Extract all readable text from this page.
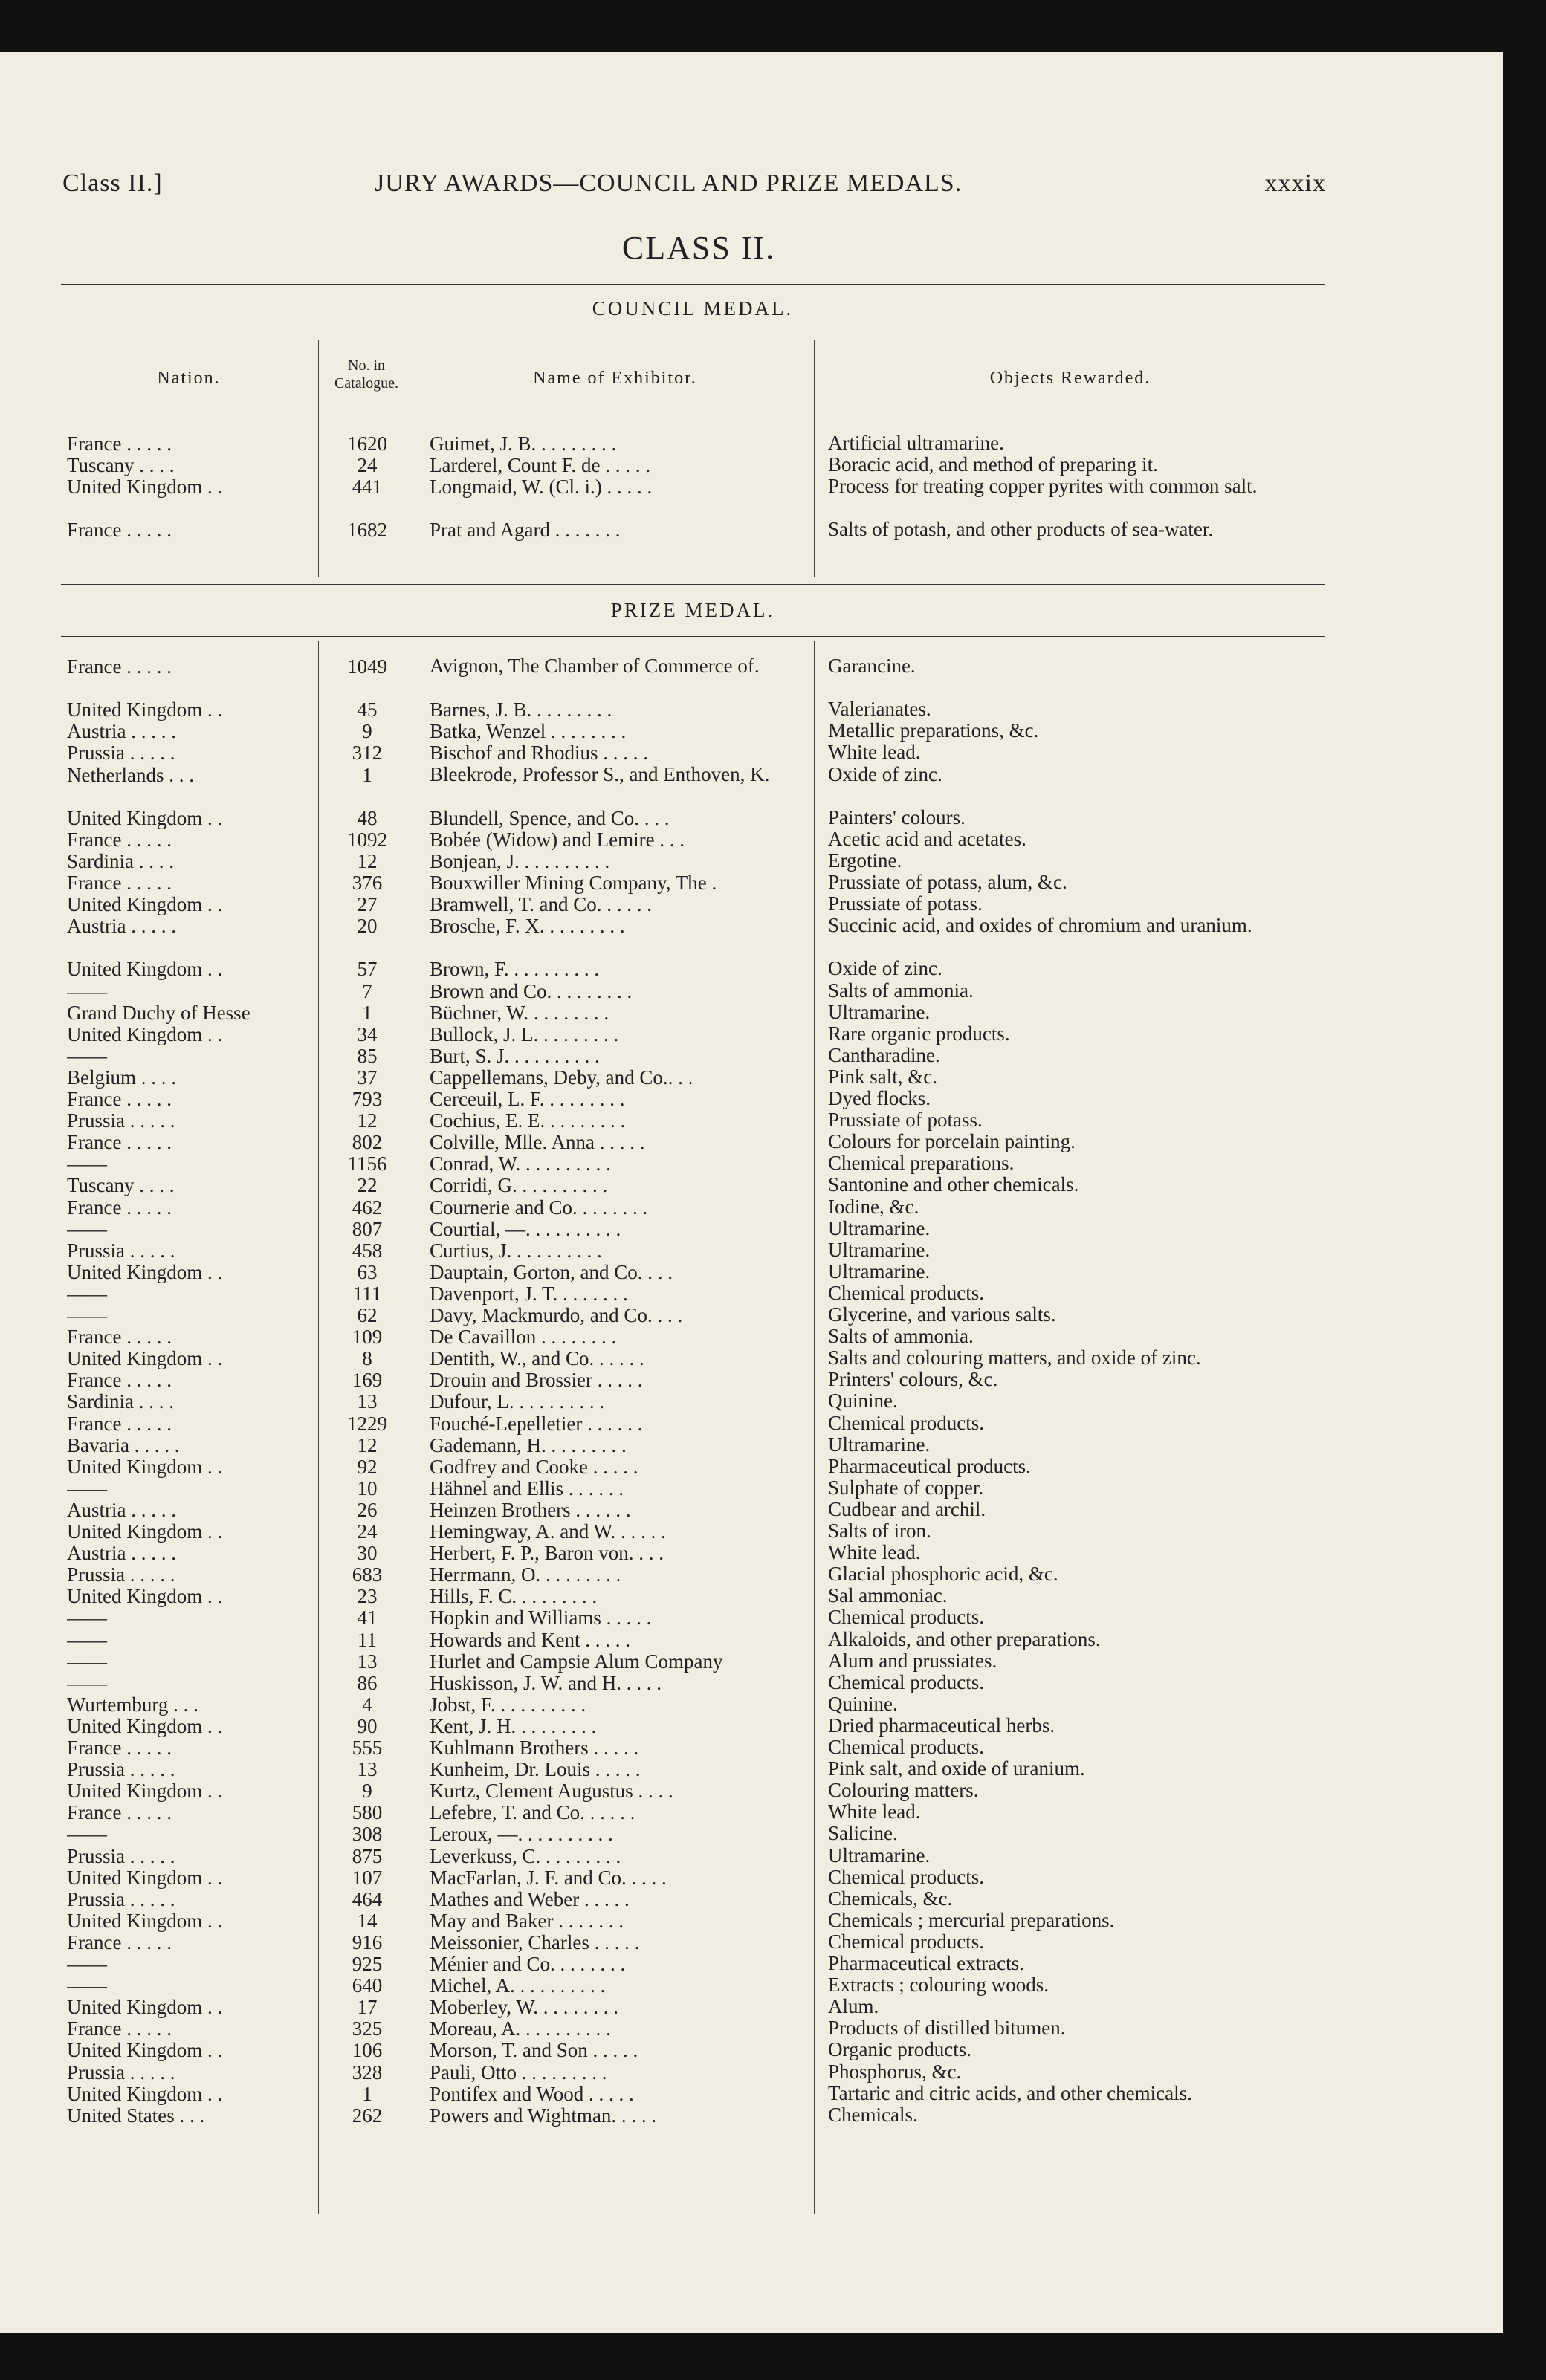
Class II.]	JURY AWARDS—COUNCIL AND PRIZE MEDALS.	xxxix
CLASS II.
COUNCIL MEDAL.
Nation.
No. in Catalogue.	Name of Exhibitor.	Objects Rewarded.
France . . . . .	1620	Guimet, J. B. . . . . . . . .	Artificial ultramarine.
Tuscany . . . .	24	Larderel, Count F. de . . . . .	Boracic acid, and method of preparing it.
United Kingdom . .	441	Longmaid, W. (Cl. i.) . . . . .	Process for treating copper pyrites with common salt.
France . . . . .	1682	Prat and Agard . . . . . . .	Salts of potash, and other products of sea-water.
PRIZE MEDAL.
France . . . . .	1049	Avignon, The Chamber of Commerce of.	Garancine.
United Kingdom . .	45	Barnes, J. B. . . . . . . . .	Valerianates.
Austria . . . . .	9	Batka, Wenzel . . . . . . . .	Metallic preparations, &c.
Prussia . . . . .	312	Bischof and Rhodius . . . . .	White lead.
Netherlands . . .	1	Bleekrode, Professor S., and Enthoven, K.	Oxide of zinc.
United Kingdom . .	48	Blundell, Spence, and Co. . . .	Painters' colours.
France . . . . .	1092	Bobée (Widow) and Lemire . . .	Acetic acid and acetates.
Sardinia . . . .	12	Bonjean, J. . . . . . . . . .	Ergotine.
France . . . . .	376	Bouxwiller Mining Company, The .	Prussiate of potass, alum, &c.
United Kingdom . .	27	Bramwell, T. and Co. . . . . .	Prussiate of potass.
Austria . . . . .	20	Brosche, F. X. . . . . . . . .	Succinic acid, and oxides of chromium and uranium.
United Kingdom . .	57	Brown, F. . . . . . . . . .	Oxide of zinc.
——	7	Brown and Co. . . . . . . . .	Salts of ammonia.
Grand Duchy of Hesse	1	Büchner, W. . . . . . . . .	Ultramarine.
United Kingdom . .	34	Bullock, J. L. . . . . . . . .	Rare organic products.
——	85	Burt, S. J. . . . . . . . . .	Cantharadine.
Belgium . . . .	37	Cappellemans, Deby, and Co.. . .	Pink salt, &c.
France . . . . .	793	Cerceuil, L. F. . . . . . . . .	Dyed flocks.
Prussia . . . . .	12	Cochius, E. E. . . . . . . . .	Prussiate of potass.
France . . . . .	802	Colville, Mlle. Anna . . . . .	Colours for porcelain painting.
——	1156	Conrad, W. . . . . . . . . .	Chemical preparations.
Tuscany . . . .	22	Corridi, G. . . . . . . . . .	Santonine and other chemicals.
France . . . . .	462	Cournerie and Co. . . . . . . .	Iodine, &c.
——	807	Courtial, —. . . . . . . . . .	Ultramarine.
Prussia . . . . .	458	Curtius, J. . . . . . . . . .	Ultramarine.
United Kingdom . .	63	Dauptain, Gorton, and Co. . . .	Ultramarine.
——	111	Davenport, J. T. . . . . . . .	Chemical products.
——	62	Davy, Mackmurdo, and Co. . . .	Glycerine, and various salts.
France . . . . .	109	De Cavaillon . . . . . . . .	Salts of ammonia.
United Kingdom . .	8	Dentith, W., and Co. . . . . .	Salts and colouring matters, and oxide of zinc.
France . . . . .	169	Drouin and Brossier . . . . .	Printers' colours, &c.
Sardinia . . . .	13	Dufour, L. . . . . . . . . .	Quinine.
France . . . . .	1229	Fouché-Lepelletier . . . . . .	Chemical products.
Bavaria . . . . .	12	Gademann, H. . . . . . . . .	Ultramarine.
United Kingdom . .	92	Godfrey and Cooke . . . . .	Pharmaceutical products.
——	10	Hähnel and Ellis . . . . . .	Sulphate of copper.
Austria . . . . .	26	Heinzen Brothers . . . . . .	Cudbear and archil.
United Kingdom . .	24	Hemingway, A. and W. . . . . .	Salts of iron.
Austria . . . . .	30	Herbert, F. P., Baron von. . . .	White lead.
Prussia . . . . .	683	Herrmann, O. . . . . . . . .	Glacial phosphoric acid, &c.
United Kingdom . .	23	Hills, F. C. . . . . . . . .	Sal ammoniac.
——	41	Hopkin and Williams . . . . .	Chemical products.
——	11	Howards and Kent . . . . .	Alkaloids, and other preparations.
——	13	Hurlet and Campsie Alum Company	Alum and prussiates.
——	86	Huskisson, J. W. and H. . . . .	Chemical products.
Wurtemburg . . .	4	Jobst, F. . . . . . . . . .	Quinine.
United Kingdom . .	90	Kent, J. H. . . . . . . . .	Dried pharmaceutical herbs.
France . . . . .	555	Kuhlmann Brothers . . . . .	Chemical products.
Prussia . . . . .	13	Kunheim, Dr. Louis . . . . .	Pink salt, and oxide of uranium.
United Kingdom . .	9	Kurtz, Clement Augustus . . . .	Colouring matters.
France . . . . .	580	Lefebre, T. and Co. . . . . .	White lead.
——	308	Leroux, —. . . . . . . . . .	Salicine.
Prussia . . . . .	875	Leverkuss, C. . . . . . . . .	Ultramarine.
United Kingdom . .	107	MacFarlan, J. F. and Co. . . . .	Chemical products.
Prussia . . . . .	464	Mathes and Weber . . . . .	Chemicals, &c.
United Kingdom . .	14	May and Baker . . . . . . .	Chemicals ; mercurial preparations.
France . . . . .	916	Meissonier, Charles . . . . .	Chemical products.
——	925	Ménier and Co. . . . . . . .	Pharmaceutical extracts.
——	640	Michel, A. . . . . . . . . .	Extracts ; colouring woods.
United Kingdom . .	17	Moberley, W. . . . . . . . .	Alum.
France . . . . .	325	Moreau, A. . . . . . . . . .	Products of distilled bitumen.
United Kingdom . .	106	Morson, T. and Son . . . . .	Organic products.
Prussia . . . . .	328	Pauli, Otto . . . . . . . . .	Phosphorus, &c.
United Kingdom . .	1	Pontifex and Wood . . . . .	Tartaric and citric acids, and other chemicals.
United States . . .	262	Powers and Wightman. . . . .	Chemicals.
